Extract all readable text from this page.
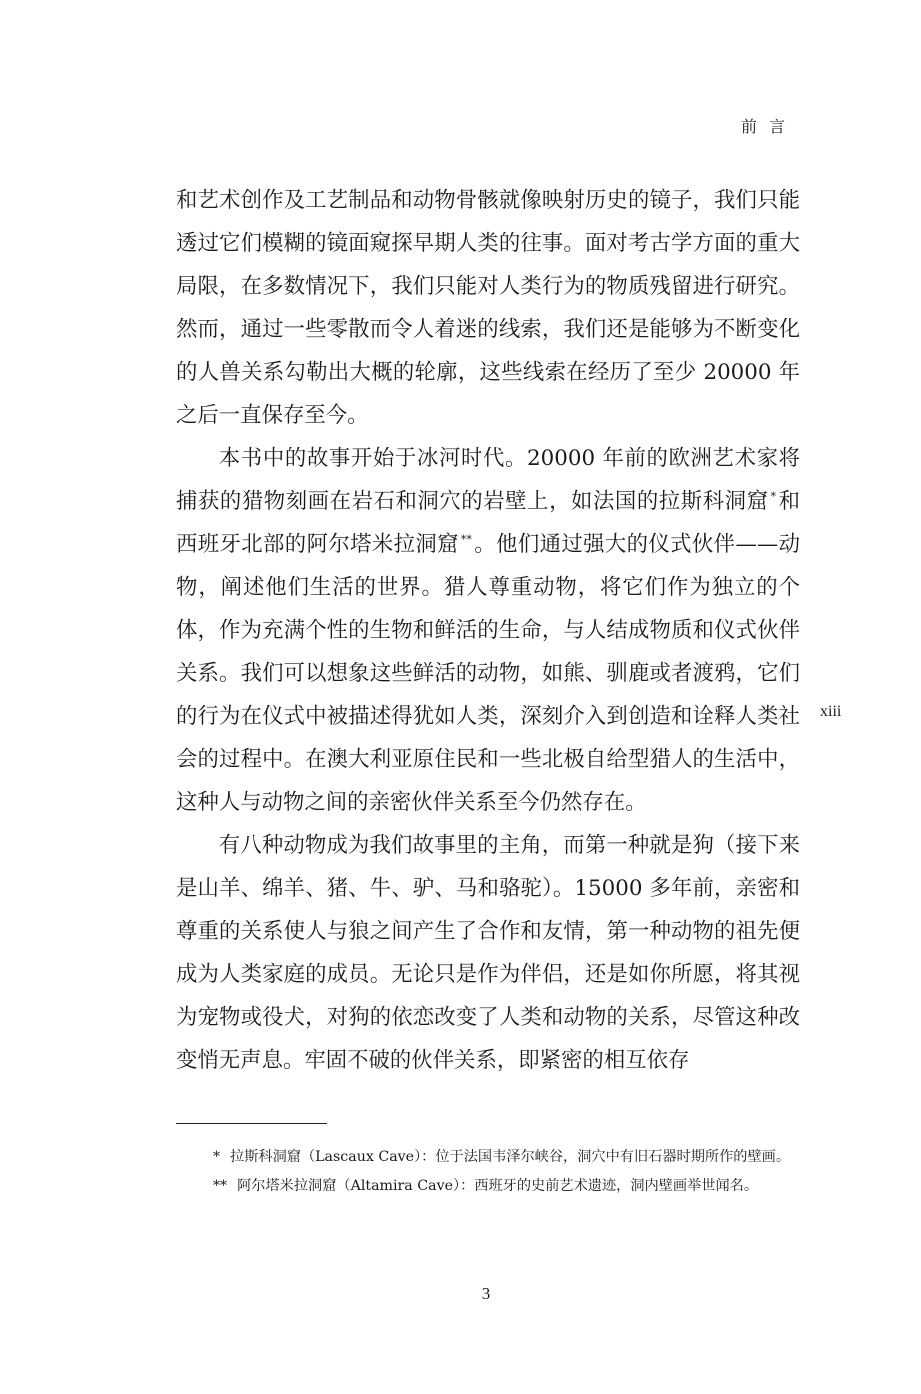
前言

和艺术创作及工艺制品和动物骨骸就像映射历史的镜子，我们只能透过它们模糊的镜面窥探早期人类的往事。面对考古学方面的重大局限，在多数情况下，我们只能对人类行为的物质残留进行研究。然而，通过一些零散而令人着迷的线索，我们还是能够为不断变化的人兽关系勾勒出大概的轮廓，这些线索在经历了至少 20000 年之后一直保存至今。

本书中的故事开始于冰河时代。20000 年前的欧洲艺术家将捕获的猎物刻画在岩石和洞穴的岩壁上，如法国的拉斯科洞窟 *和西班牙北部的阿尔塔米拉洞窟 **。他们通过强大的仪式伙伴——动物，阐述他们生活的世界。猎人尊重动物，将它们作为独立的个体，作为充满个性的生物和鲜活的生命，与人结成物质和仪式伙伴关系。我们可以想象这些鲜活的动物，如熊、驯鹿或者渡鸦，它们的行为在仪式中被描述得犹如人类，深刻介入到创造和诠释人类社会的过程中。在澳大利亚原住民和一些北极自给型猎人的生活中，这种人与动物之间的亲密伙伴关系至今仍然存在。

有八种动物成为我们故事里的主角，而第一种就是狗（接下来是山羊、绵羊、猪、牛、驴、马和骆驼）。15000 多年前，亲密和尊重的关系使人与狼之间产生了合作和友情，第一种动物的祖先便成为人类家庭的成员。无论只是作为伴侣，还是如你所愿，将其视为宠物或役犬，对狗的依恋改变了人类和动物的关系，尽管这种改变悄无声息。牢固不破的伙伴关系，即紧密的相互依存

xiii

* 拉斯科洞窟（Lascaux Cave）：位于法国韦泽尔峡谷，洞穴中有旧石器时期所作的壁画。

** 阿尔塔米拉洞窟（Altamira Cave）：西班牙的史前艺术遗迹，洞内壁画举世闻名。

3
